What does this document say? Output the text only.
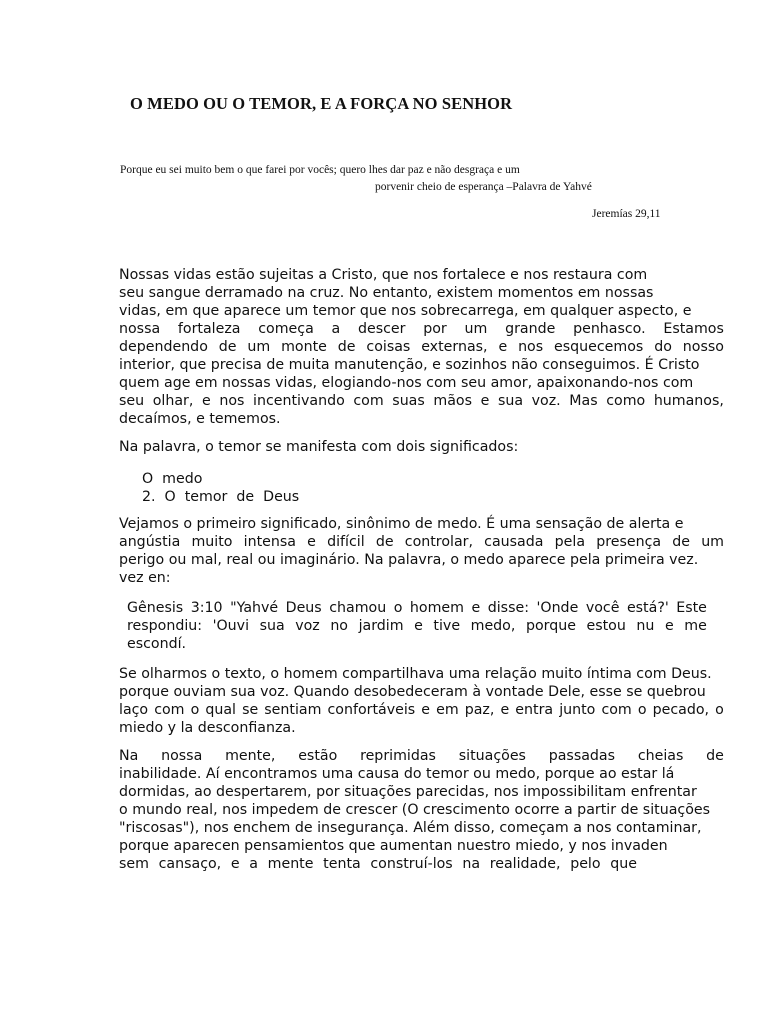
O MEDO OU O TEMOR, E A FORÇA NO SENHOR
Porque eu sei muito bem o que farei por vocês; quero lhes dar paz e não desgraça e um
porvenir cheio de esperança –Palavra de Yahvé
Jeremías 29,11
Nossas vidas estão sujeitas a Cristo, que nos fortalece e nos restaura com
seu sangue derramado na cruz. No entanto, existem momentos em nossas
vidas, em que aparece um temor que nos sobrecarrega, em qualquer aspecto, e
nossa fortaleza começa a descer por um grande penhasco. Estamos
dependendo de um monte de coisas externas, e nos esquecemos do nosso
interior, que precisa de muita manutenção, e sozinhos não conseguimos. É Cristo
quem age em nossas vidas, elogiando-nos com seu amor, apaixonando-nos com
seu olhar, e nos incentivando com suas mãos e sua voz. Mas como humanos,
decaímos, e tememos.
Na palavra, o temor se manifesta com dois significados:
O  medo
2.  O  temor  de  Deus
Vejamos o primeiro significado, sinônimo de medo. É uma sensação de alerta e
angústia muito intensa e difícil de controlar, causada pela presença de um
perigo ou mal, real ou imaginário. Na palavra, o medo aparece pela primeira vez.
vez en:
Gênesis 3:10 "Yahvé Deus chamou o homem e disse: 'Onde você está?' Este
respondiu: 'Ouvi sua voz no jardim e tive medo, porque estou nu e me
escondí.
Se olharmos o texto, o homem compartilhava uma relação muito íntima com Deus.
porque ouviam sua voz. Quando desobedeceram à vontade Dele, esse se quebrou
laço com o qual se sentiam confortáveis e em paz, e entra junto com o pecado, o
miedo y la desconfianza.
Na nossa mente, estão reprimidas situações passadas cheias de
inabilidade. Aí encontramos uma causa do temor ou medo, porque ao estar lá
dormidas, ao despertarem, por situações parecidas, nos impossibilitam enfrentar
o mundo real, nos impedem de crescer (O crescimento ocorre a partir de situações
"riscosas"), nos enchem de insegurança. Além disso, começam a nos contaminar,
porque aparecen pensamientos que aumentan nuestro miedo, y nos invaden
sem cansaço, e a mente tenta construí-los na realidade, pelo que
